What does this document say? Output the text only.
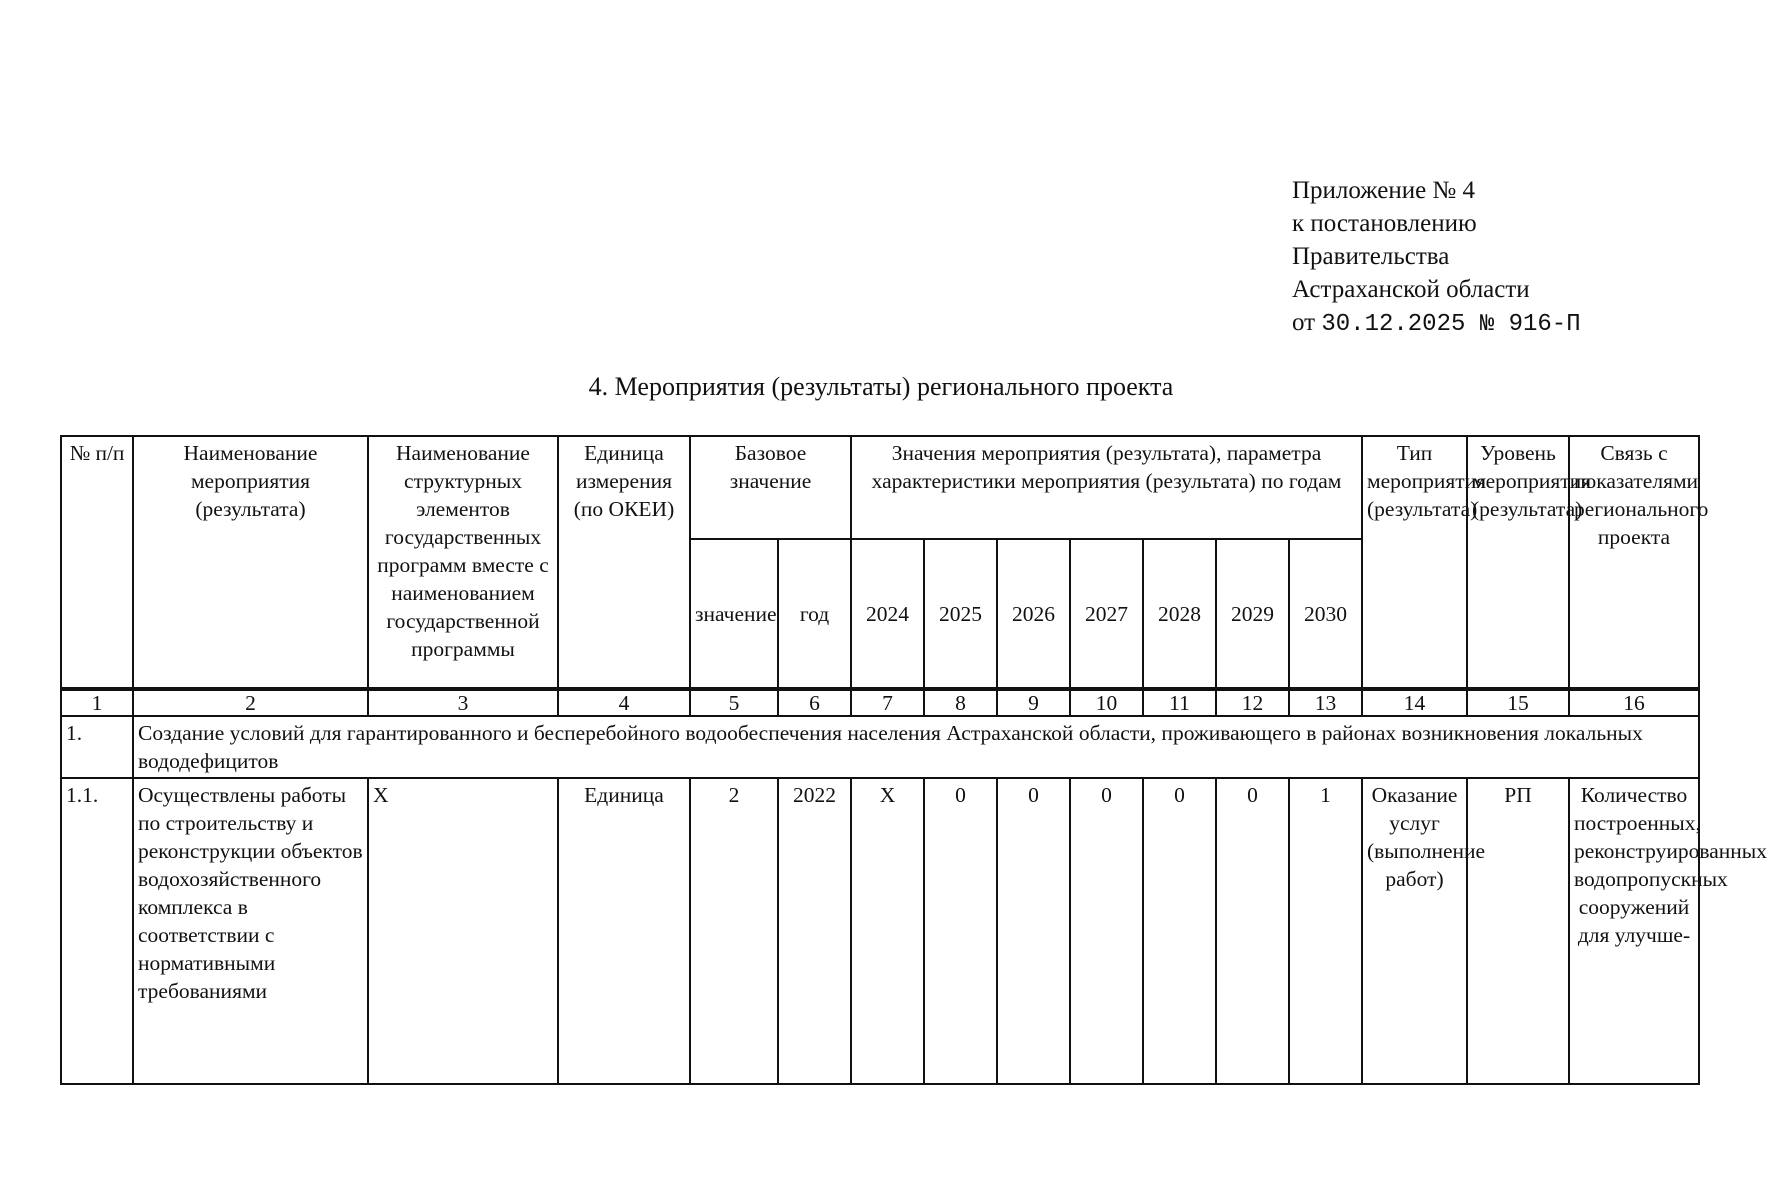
Приложение № 4
к постановлению
Правительства
Астраханской области
от 30.12.2025 № 916-П
4. Мероприятия (результаты) регионального проекта
№ п/п	Наименование мероприятия (результата)	Наименование структурных элементов государственных программ вместе с наименованием государственной программы	Единица измерения (по ОКЕИ)	Базовое значение		Значения мероприятия (результата), параметра характеристики мероприятия (результата) по годам							Тип мероприятия (результата)	Уровень мероприятия (результата)	Связь с показателями регионального проекта
				значение	год	2024	2025	2026	2027	2028	2029	2030			
1	2	3	4	5	6	7	8	9	10	11	12	13	14	15	16
1.	Создание условий для гарантированного и бесперебойного водообеспечения населения Астраханской области, проживающего в районах возникновения локальных вододефицитов														
1.1.	Осуществлены работы по строительству и реконструкции объектов водохозяйственного комплекса в соответствии с нормативными требованиями	Х	Единица	2	2022	Х	0	0	0	0	0	1	Оказание услуг (выполнение работ)	РП	Количество построенных, реконструированных водопропускных сооружений для улучше-
